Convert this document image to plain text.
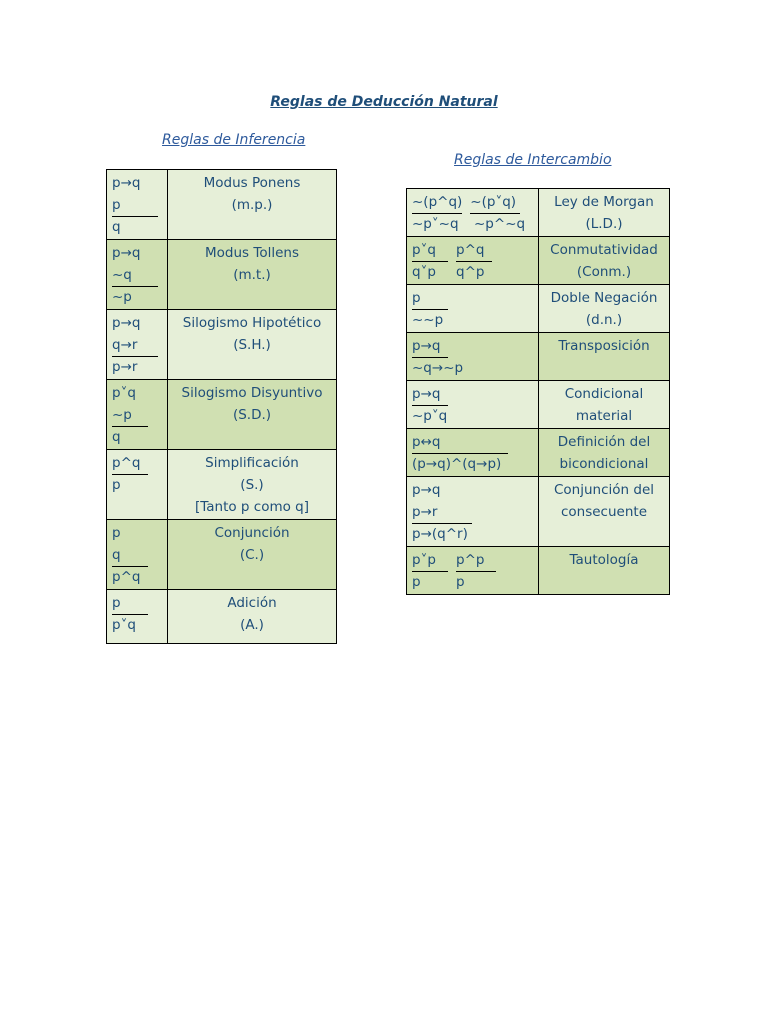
Reglas de Deducción Natural
Reglas de Inferencia
Reglas de Intercambio
p→q
p
q	Modus Ponens
(m.p.)

p→q
~q
~p	Modus Tollens
(m.t.)

p→q
q→r
p→r	Silogismo Hipotético
(S.H.)

p˅q
~p
q	Silogismo Disyuntivo
(S.D.)

p^q
p	Simplificación
(S.)
[Tanto p como q]

p
q
p^q	Conjunción
(C.)

p
p˅q	Adición
(A.)
~(p^q) ~(p˅q)
~p˅~q ~p^~q	Ley de Morgan
(L.D.)

p˅q p^q
q˅p q^p	Conmutatividad
(Conm.)

p
~~p	Doble Negación
(d.n.)

p→q
~q→~p	Transposición

p→q
~p˅q	Condicional
material

p↔q
(p→q)^(q→p)	Definición del
bicondicional

p→q
p→r
p→(q^r)	Conjunción del
consecuente

p˅p p^p
p p	Tautología
